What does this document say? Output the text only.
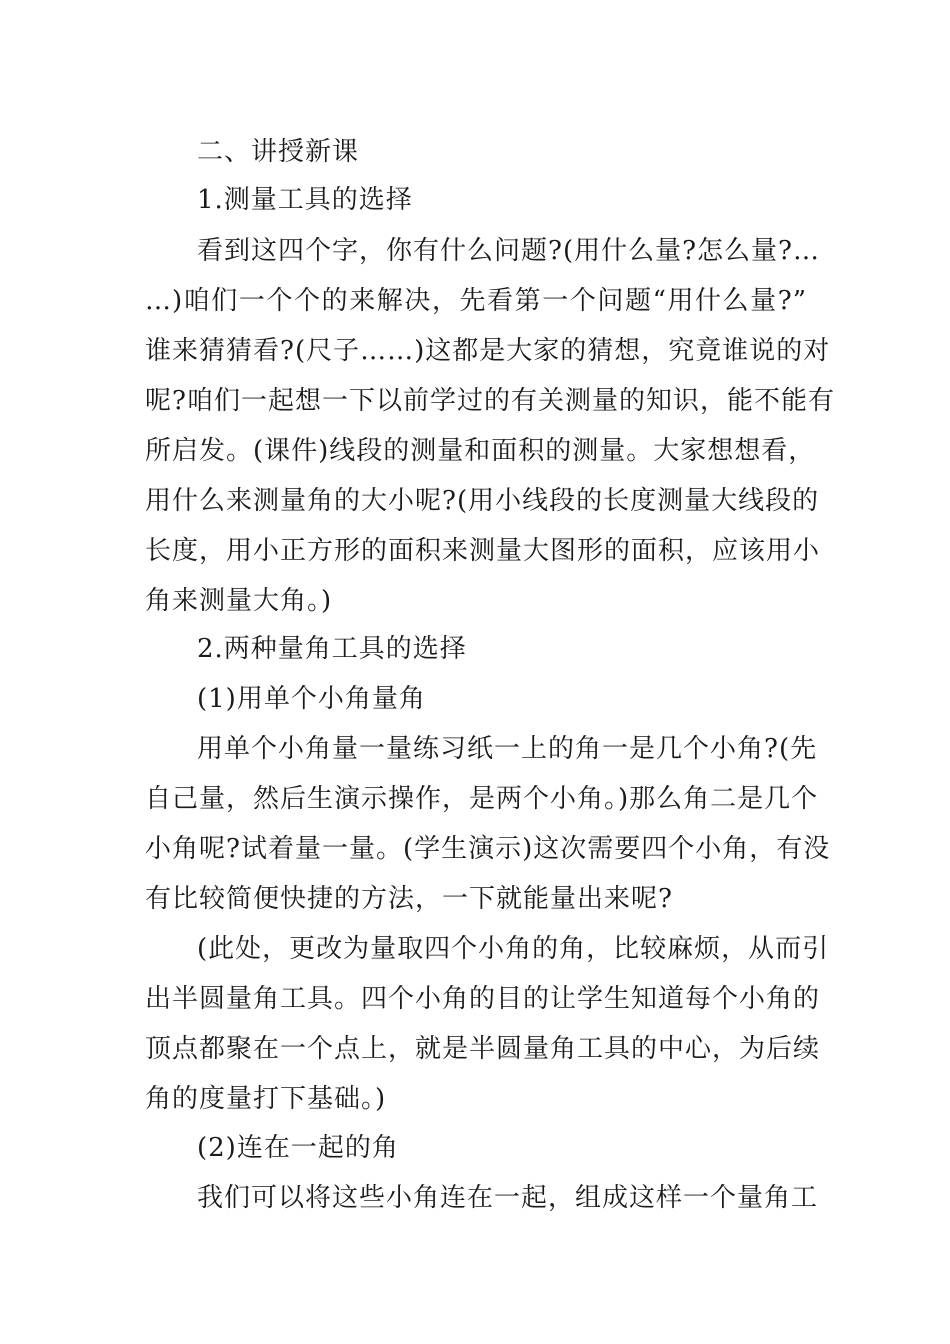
二、讲授新课
1.测量工具的选择
看到这四个字，你有什么问题?(用什么量?怎么量?…
…)咱们一个个的来解决，先看第一个问题“用什么量?”
谁来猜猜看?(尺子……)这都是大家的猜想，究竟谁说的对
呢?咱们一起想一下以前学过的有关测量的知识，能不能有
所启发。(课件)线段的测量和面积的测量。大家想想看，
用什么来测量角的大小呢?(用小线段的长度测量大线段的
长度，用小正方形的面积来测量大图形的面积，应该用小
角来测量大角。)
2.两种量角工具的选择
(1)用单个小角量角
用单个小角量一量练习纸一上的角一是几个小角?(先
自己量，然后生演示操作，是两个小角。)那么角二是几个
小角呢?试着量一量。(学生演示)这次需要四个小角，有没
有比较简便快捷的方法，一下就能量出来呢?
(此处，更改为量取四个小角的角，比较麻烦，从而引
出半圆量角工具。四个小角的目的让学生知道每个小角的
顶点都聚在一个点上，就是半圆量角工具的中心，为后续
角的度量打下基础。)
(2)连在一起的角
我们可以将这些小角连在一起，组成这样一个量角工
